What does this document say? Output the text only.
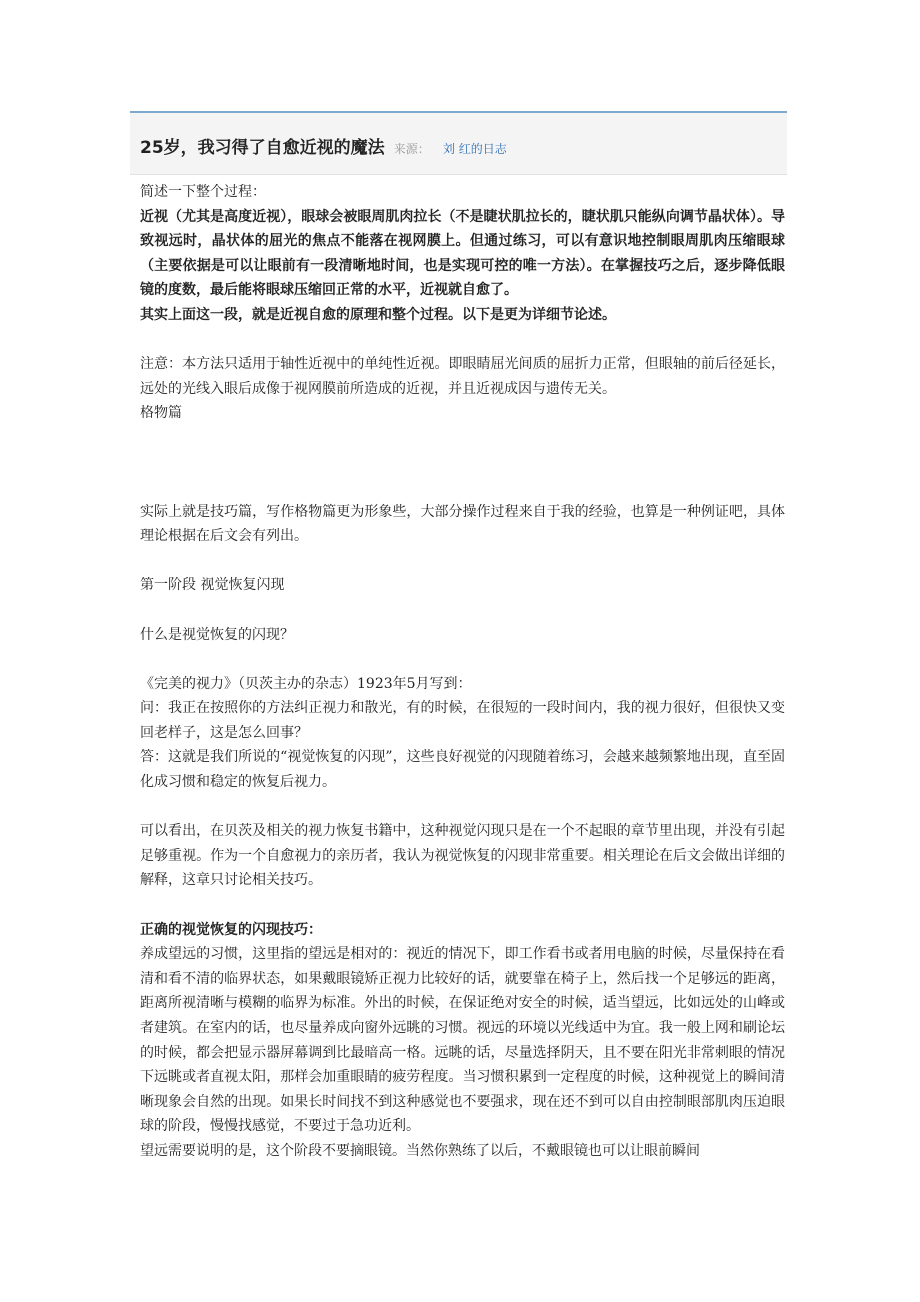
25岁，我习得了自愈近视的魔法 来源： 刘 红的日志

简述一下整个过程：

近视（尤其是高度近视），眼球会被眼周肌肉拉长（不是睫状肌拉长的，睫状肌只能纵向调节晶状体）。导致视远时，晶状体的屈光的焦点不能落在视网膜上。但通过练习，可以有意识地控制眼周肌肉压缩眼球（主要依据是可以让眼前有一段清晰地时间，也是实现可控的唯一方法）。在掌握技巧之后，逐步降低眼镜的度数，最后能将眼球压缩回正常的水平，近视就自愈了。

其实上面这一段，就是近视自愈的原理和整个过程。以下是更为详细节论述。

注意：本方法只适用于轴性近视中的单纯性近视。即眼睛屈光间质的屈折力正常，但眼轴的前后径延长，远处的光线入眼后成像于视网膜前所造成的近视，并且近视成因与遗传无关。

格物篇

实际上就是技巧篇，写作格物篇更为形象些，大部分操作过程来自于我的经验，也算是一种例证吧，具体理论根据在后文会有列出。

第一阶段 视觉恢复闪现

什么是视觉恢复的闪现？

《完美的视力》（贝茨主办的杂志）1923年5月写到：

问：我正在按照你的方法纠正视力和散光，有的时候，在很短的一段时间内，我的视力很好，但很快又变回老样子，这是怎么回事？

答：这就是我们所说的“视觉恢复的闪现”，这些良好视觉的闪现随着练习，会越来越频繁地出现，直至固化成习惯和稳定的恢复后视力。

可以看出，在贝茨及相关的视力恢复书籍中，这种视觉闪现只是在一个不起眼的章节里出现，并没有引起足够重视。作为一个自愈视力的亲历者，我认为视觉恢复的闪现非常重要。相关理论在后文会做出详细的解释，这章只讨论相关技巧。

正确的视觉恢复的闪现技巧：

养成望远的习惯，这里指的望远是相对的：视近的情况下，即工作看书或者用电脑的时候，尽量保持在看清和看不清的临界状态，如果戴眼镜矫正视力比较好的话，就要靠在椅子上，然后找一个足够远的距离，距离所视清晰与模糊的临界为标准。外出的时候，在保证绝对安全的时候，适当望远，比如远处的山峰或者建筑。在室内的话，也尽量养成向窗外远眺的习惯。视远的环境以光线适中为宜。我一般上网和刷论坛的时候，都会把显示器屏幕调到比最暗高一格。远眺的话，尽量选择阴天，且不要在阳光非常刺眼的情况下远眺或者直视太阳，那样会加重眼睛的疲劳程度。当习惯积累到一定程度的时候，这种视觉上的瞬间清晰现象会自然的出现。如果长时间找不到这种感觉也不要强求，现在还不到可以自由控制眼部肌肉压迫眼球的阶段，慢慢找感觉，不要过于急功近利。

望远需要说明的是，这个阶段不要摘眼镜。当然你熟练了以后，不戴眼镜也可以让眼前瞬间
